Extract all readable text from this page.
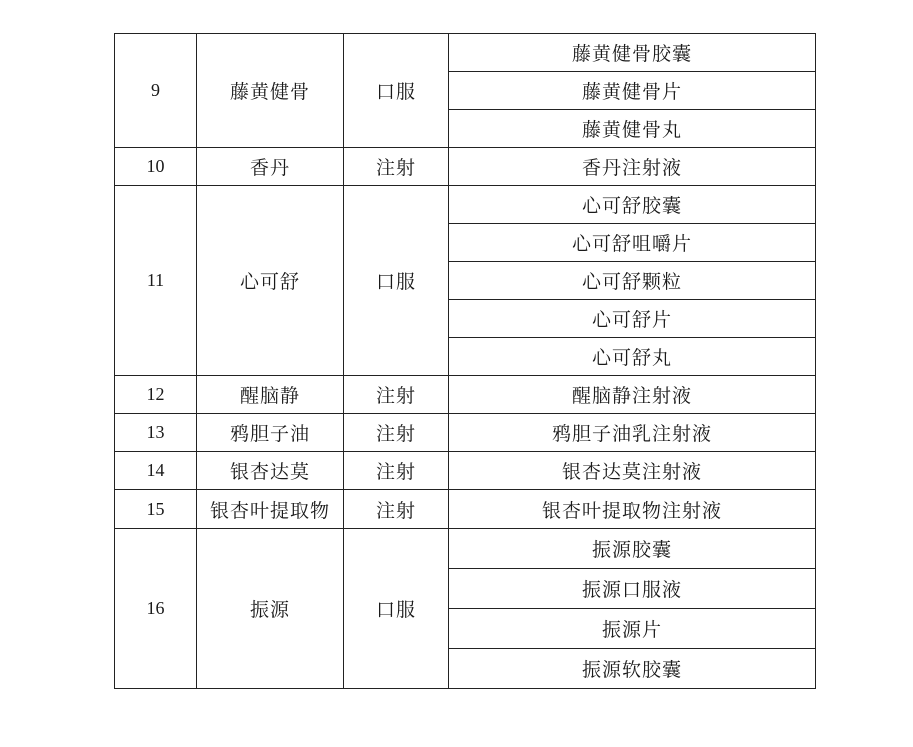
9	藤黄健骨	口服	藤黄健骨胶囊
			藤黄健骨片
			藤黄健骨丸
10	香丹	注射	香丹注射液
11	心可舒	口服	心可舒胶囊
			心可舒咀嚼片
			心可舒颗粒
			心可舒片
			心可舒丸
12	醒脑静	注射	醒脑静注射液
13	鸦胆子油	注射	鸦胆子油乳注射液
14	银杏达莫	注射	银杏达莫注射液
15	银杏叶提取物	注射	银杏叶提取物注射液
16	振源	口服	振源胶囊
			振源口服液
			振源片
			振源软胶囊
